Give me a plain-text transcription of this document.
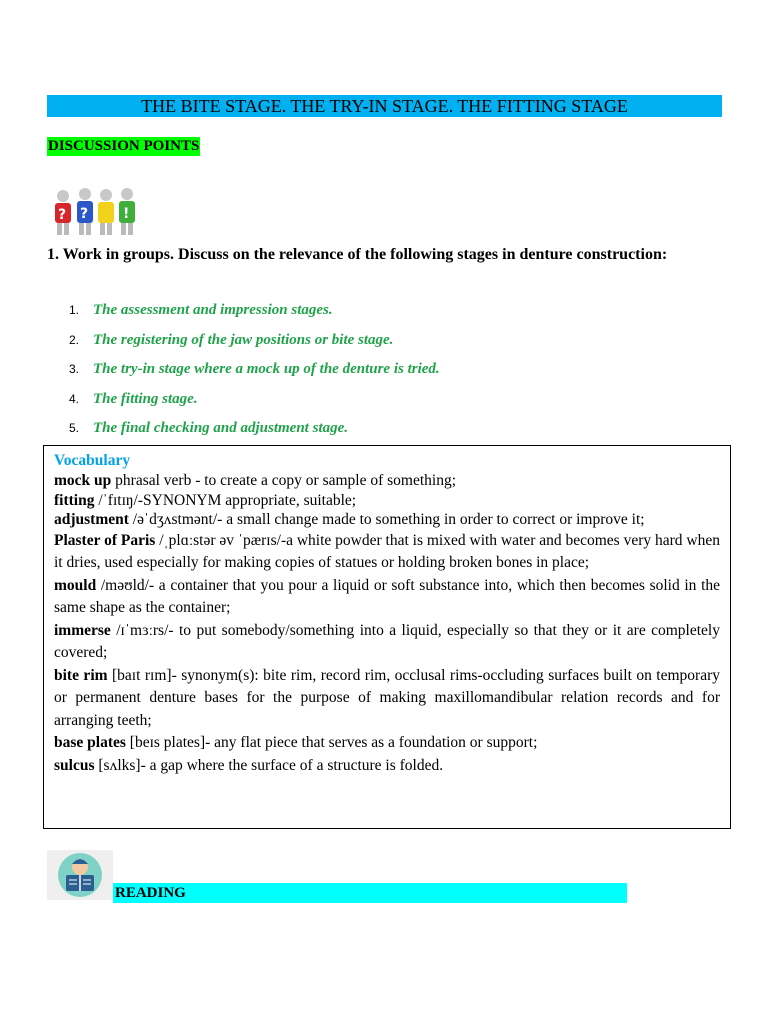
THE BITE STAGE. THE TRY-IN STAGE. THE FITTING STAGE
DISCUSSION POINTS
? ? !
1. Work in groups. Discuss on the relevance of the following stages in denture construction:
1. The assessment and impression stages.
2. The registering of the jaw positions or bite stage.
3. The try-in stage where a mock up of the denture is tried.
4. The fitting stage.
5. The final checking and adjustment stage.
Vocabulary

mock up phrasal verb - to create a copy or sample of something;

fitting /ˈfɪtɪŋ/-SYNONYM appropriate, suitable;

adjustment /əˈdʒʌstmənt/- a small change made to something in order to correct or improve it;

Plaster of Paris /ˌplɑːstər əv ˈpærɪs/-a white powder that is mixed with water and becomes very hard when it dries, used especially for making copies of statues or holding broken bones in place;

mould /məʊld/- a container that you pour a liquid or soft substance into, which then becomes solid in the same shape as the container;

immerse /ɪˈmɜːrs/- to put somebody/something into a liquid, especially so that they or it are completely covered;

bite rim [baɪt rɪm]- synonym(s): bite rim, record rim, occlusal rims-occluding surfaces built on temporary or permanent denture bases for the purpose of making maxillomandibular relation records and for arranging teeth;

base plates [beɪs plates]- any flat piece that serves as a foundation or support;

sulcus [sʌlks]- a gap where the surface of a structure is folded.

READING
